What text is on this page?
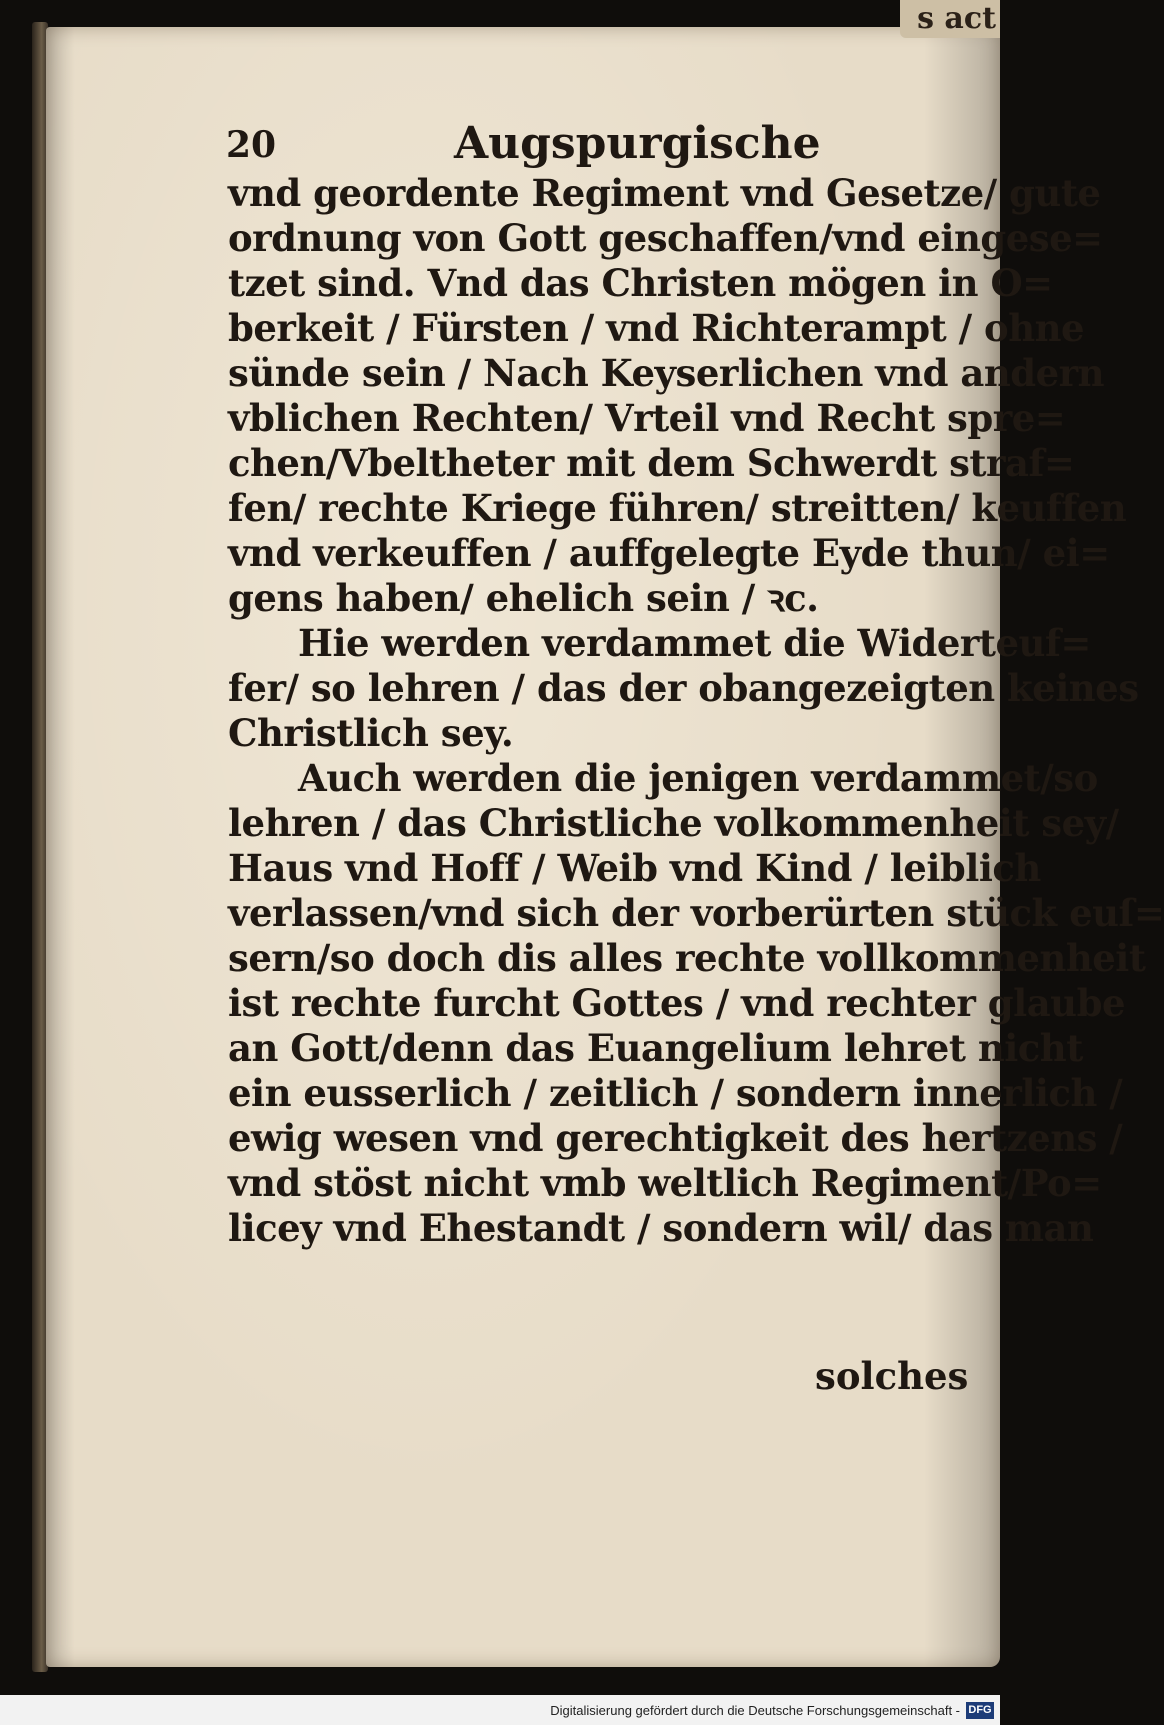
s act
20	Augspurgische
vnd geordente Regiment vnd Gesetze/ gute
ordnung von Gott geschaffen/vnd eingese=
tzet sind. Vnd das Christen mögen in O=
berkeit / Fürsten / vnd Richterampt / ohne
sünde sein / Nach Keyserlichen vnd andern
vblichen Rechten/ Vrteil vnd Recht spre=
chen/Vbeltheter mit dem Schwerdt straf=
fen/ rechte Kriege führen/ streitten/ keuffen
vnd verkeuffen / auffgelegte Eyde thun/ ei=
gens haben/ ehelich sein / ꝛc.
Hie werden verdammet die Widerteuf=
fer/ so lehren / das der obangezeigten keines
Christlich sey.
Auch werden die jenigen verdammet/so
lehren / das Christliche volkommenheit sey/
Haus vnd Hoff / Weib vnd Kind / leiblich
verlassen/vnd sich der vorberürten stück euſ=
sern/so doch dis alles rechte vollkommenheit
ist rechte furcht Gottes / vnd rechter glaube
an Gott/denn das Euangelium lehret nicht
ein eusserlich / zeitlich / sondern innerlich /
ewig wesen vnd gerechtigkeit des hertzens /
vnd stöst nicht vmb weltlich Regiment/Po=
licey vnd Ehestandt / sondern wil/ das man
solches
Digitalisierung gefördert durch die Deutsche Forschungsgemeinschaft - DFG
